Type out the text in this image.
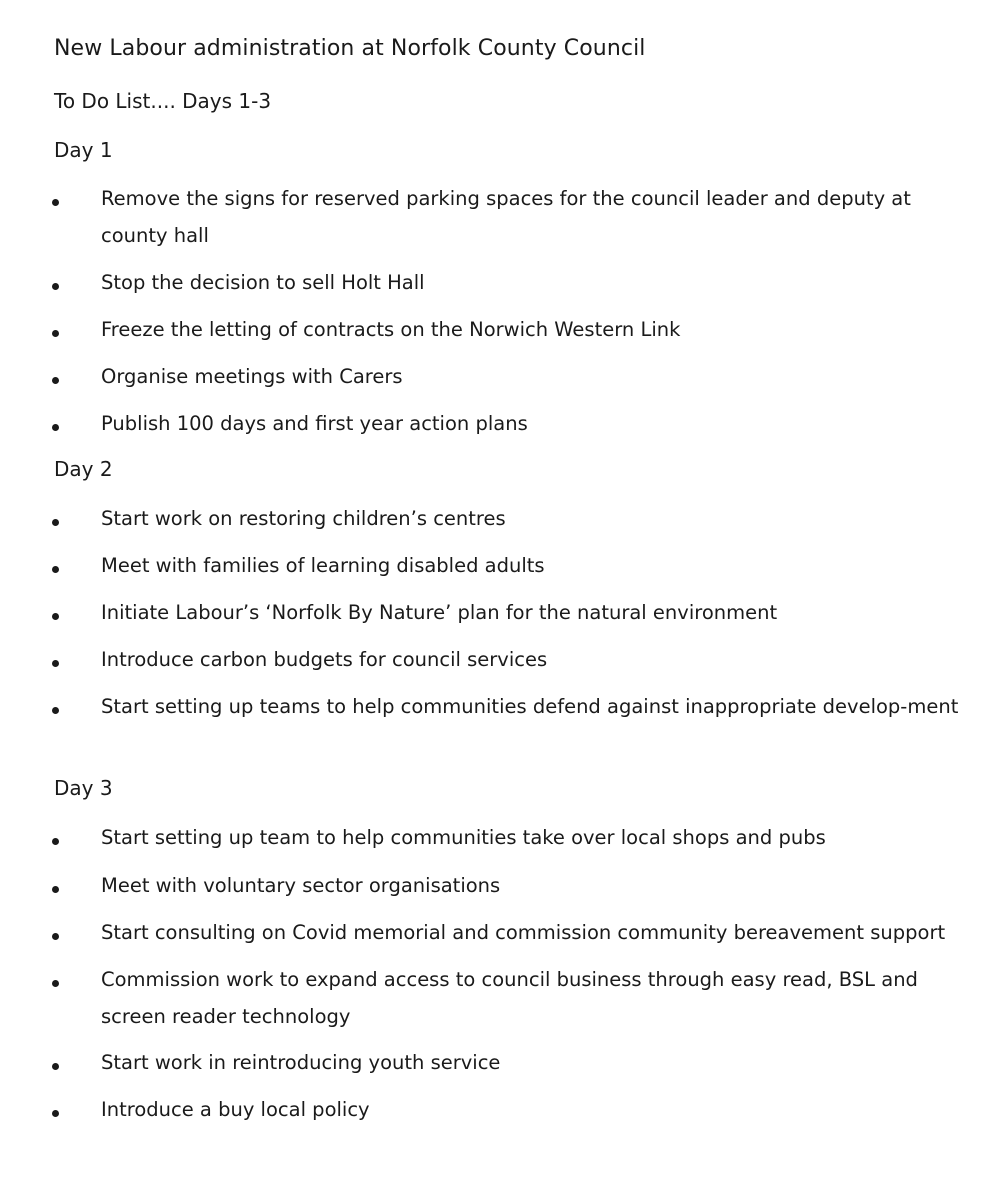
New Labour administration at Norfolk County Council
To Do List.... Days 1-3
Day 1
Remove the signs for reserved parking spaces for the council leader and deputy at county hall
Stop the decision to sell Holt Hall
Freeze the letting of contracts on the Norwich Western Link
Organise meetings with Carers
Publish 100 days and first year action plans
Day 2
Start work on restoring children’s centres
Meet with families of learning disabled adults
Initiate Labour’s ‘Norfolk By Nature’ plan for the natural environment
Introduce carbon budgets for council services
Start setting up teams to help communities defend against inappropriate develop-ment
Day 3
Start setting up team to help communities take over local shops and pubs
Meet with voluntary sector organisations
Start consulting on Covid memorial and commission community bereavement support
Commission work to expand access to council business through easy read, BSL and screen reader technology
Start work in reintroducing youth service
Introduce a buy local policy
